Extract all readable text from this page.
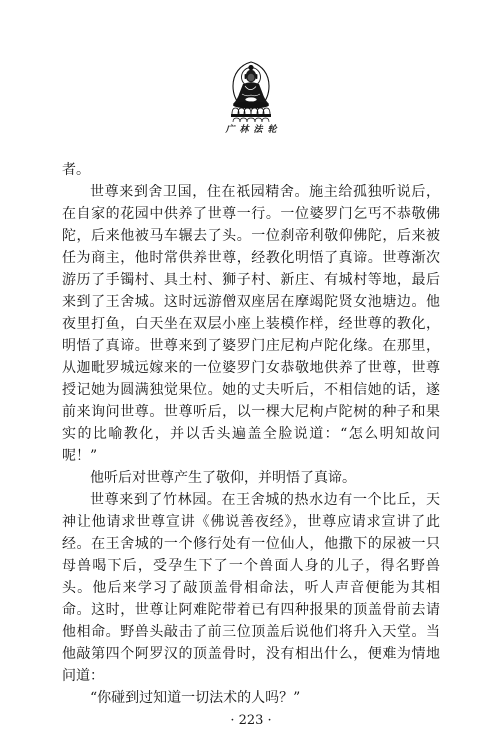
广林法轮
者。
世尊来到舍卫国，住在祇园精舍。施主给孤独听说后，
在自家的花园中供养了世尊一行。一位婆罗门乞丐不恭敬佛
陀，后来他被马车辗去了头。一位刹帝利敬仰佛陀，后来被
任为商主，他时常供养世尊，经教化明悟了真谛。世尊渐次
游历了手镯村、具土村、狮子村、新庄、有城村等地，最后
来到了王舍城。这时远游僧双座居在摩竭陀贤女池塘边。他
夜里打鱼，白天坐在双层小座上装模作样，经世尊的教化，
明悟了真谛。世尊来到了婆罗门庄尼枸卢陀化缘。在那里，
从迦毗罗城远嫁来的一位婆罗门女恭敬地供养了世尊，世尊
授记她为圆满独觉果位。她的丈夫听后，不相信她的话，遂
前来询问世尊。世尊听后，以一棵大尼枸卢陀树的种子和果
实的比喻教化，并以舌头遍盖全脸说道：“怎么明知故问
呢！”
他听后对世尊产生了敬仰，并明悟了真谛。
世尊来到了竹林园。在王舍城的热水边有一个比丘，天
神让他请求世尊宣讲《佛说善夜经》，世尊应请求宣讲了此
经。在王舍城的一个修行处有一位仙人，他撒下的尿被一只
母兽喝下后，受孕生下了一个兽面人身的儿子，得名野兽
头。他后来学习了敲顶盖骨相命法，听人声音便能为其相
命。这时，世尊让阿难陀带着已有四种报果的顶盖骨前去请
他相命。野兽头敲击了前三位顶盖后说他们将升入天堂。当
他敲第四个阿罗汉的顶盖骨时，没有相出什么，便难为情地
问道：
“你碰到过知道一切法术的人吗？”
· 223 ·
